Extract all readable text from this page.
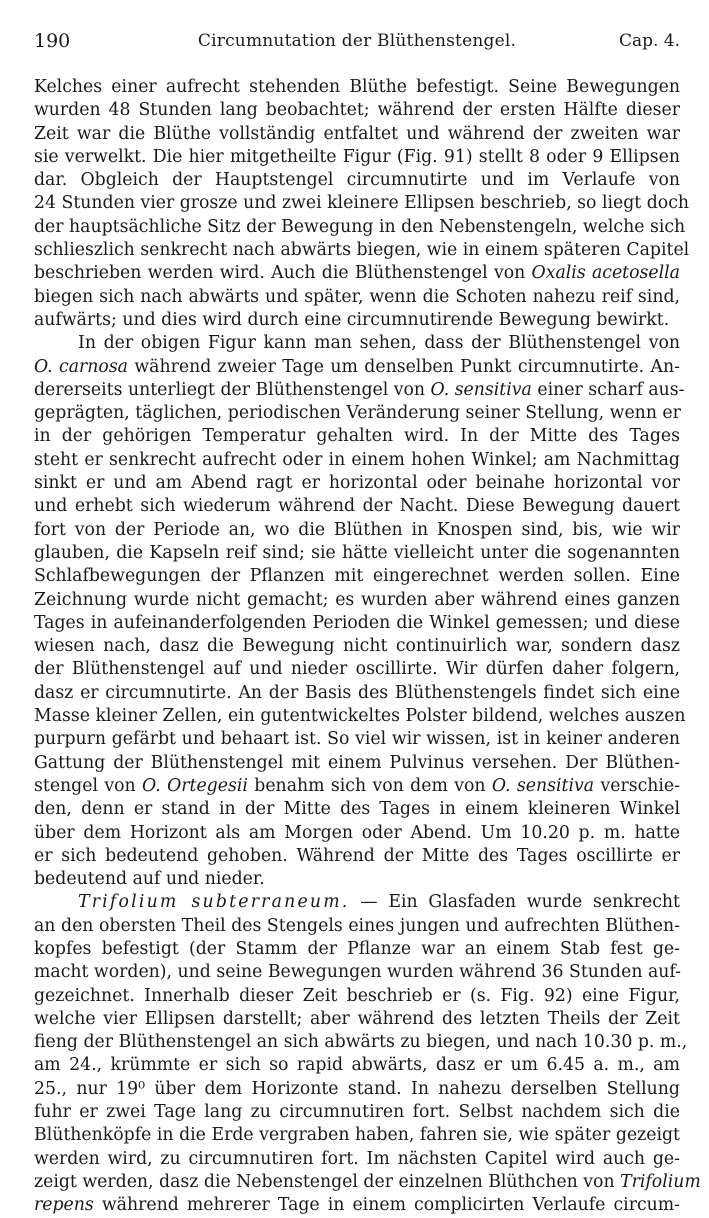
190	Circumnutation der Blüthenstengel.	Cap. 4.
Kelches einer aufrecht stehenden Blüthe befestigt. Seine Bewegungen
wurden 48 Stunden lang beobachtet; während der ersten Hälfte dieser
Zeit war die Blüthe vollständig entfaltet und während der zweiten war
sie verwelkt. Die hier mitgetheilte Figur (Fig. 91) stellt 8 oder 9 Ellipsen
dar. Obgleich der Hauptstengel circumnutirte und im Verlaufe von
24 Stunden vier grosze und zwei kleinere Ellipsen beschrieb, so liegt doch
der hauptsächliche Sitz der Bewegung in den Nebenstengeln, welche sich
schlieszlich senkrecht nach abwärts biegen, wie in einem späteren Capitel
beschrieben werden wird. Auch die Blüthenstengel von Oxalis acetosella
biegen sich nach abwärts und später, wenn die Schoten nahezu reif sind,
aufwärts; und dies wird durch eine circumnutirende Bewegung bewirkt.
In der obigen Figur kann man sehen, dass der Blüthenstengel von
O. carnosa während zweier Tage um denselben Punkt circumnutirte. An-
dererseits unterliegt der Blüthenstengel von O. sensitiva einer scharf aus-
geprägten, täglichen, periodischen Veränderung seiner Stellung, wenn er
in der gehörigen Temperatur gehalten wird. In der Mitte des Tages
steht er senkrecht aufrecht oder in einem hohen Winkel; am Nachmittag
sinkt er und am Abend ragt er horizontal oder beinahe horizontal vor
und erhebt sich wiederum während der Nacht. Diese Bewegung dauert
fort von der Periode an, wo die Blüthen in Knospen sind, bis, wie wir
glauben, die Kapseln reif sind; sie hätte vielleicht unter die sogenannten
Schlafbewegungen der Pflanzen mit eingerechnet werden sollen. Eine
Zeichnung wurde nicht gemacht; es wurden aber während eines ganzen
Tages in aufeinanderfolgenden Perioden die Winkel gemessen; und diese
wiesen nach, dasz die Bewegung nicht continuirlich war, sondern dasz
der Blüthenstengel auf und nieder oscillirte. Wir dürfen daher folgern,
dasz er circumnutirte. An der Basis des Blüthenstengels findet sich eine
Masse kleiner Zellen, ein gutentwickeltes Polster bildend, welches auszen
purpurn gefärbt und behaart ist. So viel wir wissen, ist in keiner anderen
Gattung der Blüthenstengel mit einem Pulvinus versehen. Der Blüthen-
stengel von O. Ortegesii benahm sich von dem von O. sensitiva verschie-
den, denn er stand in der Mitte des Tages in einem kleineren Winkel
über dem Horizont als am Morgen oder Abend. Um 10.20 p. m. hatte
er sich bedeutend gehoben. Während der Mitte des Tages oscillirte er
bedeutend auf und nieder.
Trifolium subterraneum. — Ein Glasfaden wurde senkrecht
an den obersten Theil des Stengels eines jungen und aufrechten Blüthen-
kopfes befestigt (der Stamm der Pflanze war an einem Stab fest ge-
macht worden), und seine Bewegungen wurden während 36 Stunden auf-
gezeichnet. Innerhalb dieser Zeit beschrieb er (s. Fig. 92) eine Figur,
welche vier Ellipsen darstellt; aber während des letzten Theils der Zeit
fieng der Blüthenstengel an sich abwärts zu biegen, und nach 10.30 p. m.,
am 24., krümmte er sich so rapid abwärts, dasz er um 6.45 a. m., am
25., nur 19⁰ über dem Horizonte stand. In nahezu derselben Stellung
fuhr er zwei Tage lang zu circumnutiren fort. Selbst nachdem sich die
Blüthenköpfe in die Erde vergraben haben, fahren sie, wie später gezeigt
werden wird, zu circumnutiren fort. Im nächsten Capitel wird auch ge-
zeigt werden, dasz die Nebenstengel der einzelnen Blüthchen von Trifolium
repens während mehrerer Tage in einem complicirten Verlaufe circum-
